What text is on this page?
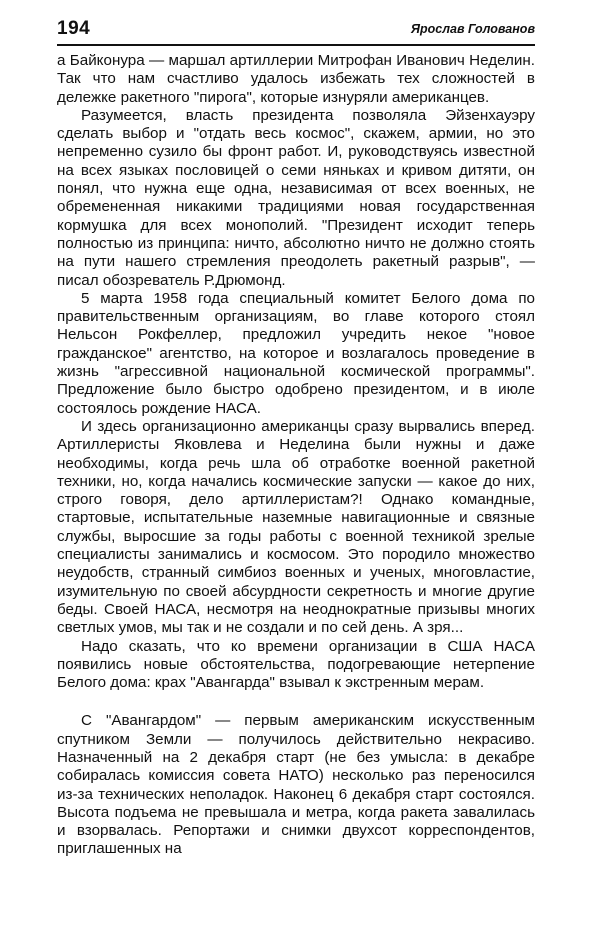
194	Ярослав Голованов

а Байконура — маршал артиллерии Митрофан Иванович Неделин. Так что нам счастливо удалось избежать тех сложностей в дележке ракетного "пирога", которые изнуряли американцев.

Разумеется, власть президента позволяла Эйзенхауэру сделать выбор и "отдать весь космос", скажем, армии, но это непременно сузило бы фронт работ. И, руководствуясь известной на всех языках пословицей о семи няньках и кривом дитяти, он понял, что нужна еще одна, независимая от всех военных, не обремененная никакими традициями новая государственная кормушка для всех монополий. "Президент исходит теперь полностью из принципа: ничто, абсолютно ничто не должно стоять на пути нашего стремления преодолеть ракетный разрыв", — писал обозреватель Р.Дрюмонд.

5 марта 1958 года специальный комитет Белого дома по правительственным организациям, во главе которого стоял Нельсон Рокфеллер, предложил учредить некое "новое гражданское" агентство, на которое и возлагалось проведение в жизнь "агрессивной национальной космической программы". Предложение было быстро одобрено президентом, и в июле состоялось рождение НАСА.

И здесь организационно американцы сразу вырвались вперед. Артиллеристы Яковлева и Неделина были нужны и даже необходимы, когда речь шла об отработке военной ракетной техники, но, когда начались космические запуски — какое до них, строго говоря, дело артиллеристам?! Однако командные, стартовые, испытательные наземные навигационные и связные службы, выросшие за годы работы с военной техникой зрелые специалисты занимались и космосом. Это породило множество неудобств, странный симбиоз военных и ученых, многовластие, изумительную по своей абсурдности секретность и многие другие беды. Своей НАСА, несмотря на неоднократные призывы многих светлых умов, мы так и не создали и по сей день. А зря...

Надо сказать, что ко времени организации в США НАСА появились новые обстоятельства, подогревающие нетерпение Белого дома: крах "Авангарда" взывал к экстренным мерам.

С "Авангардом" — первым американским искусственным спутником Земли — получилось действительно некрасиво. Назначенный на 2 декабря старт (не без умысла: в декабре собиралась комиссия совета НАТО) несколько раз переносился из-за технических неполадок. Наконец 6 декабря старт состоялся. Высота подъема не превышала и метра, когда ракета завалилась и взорвалась. Репортажи и снимки двухсот корреспондентов, приглашенных на
